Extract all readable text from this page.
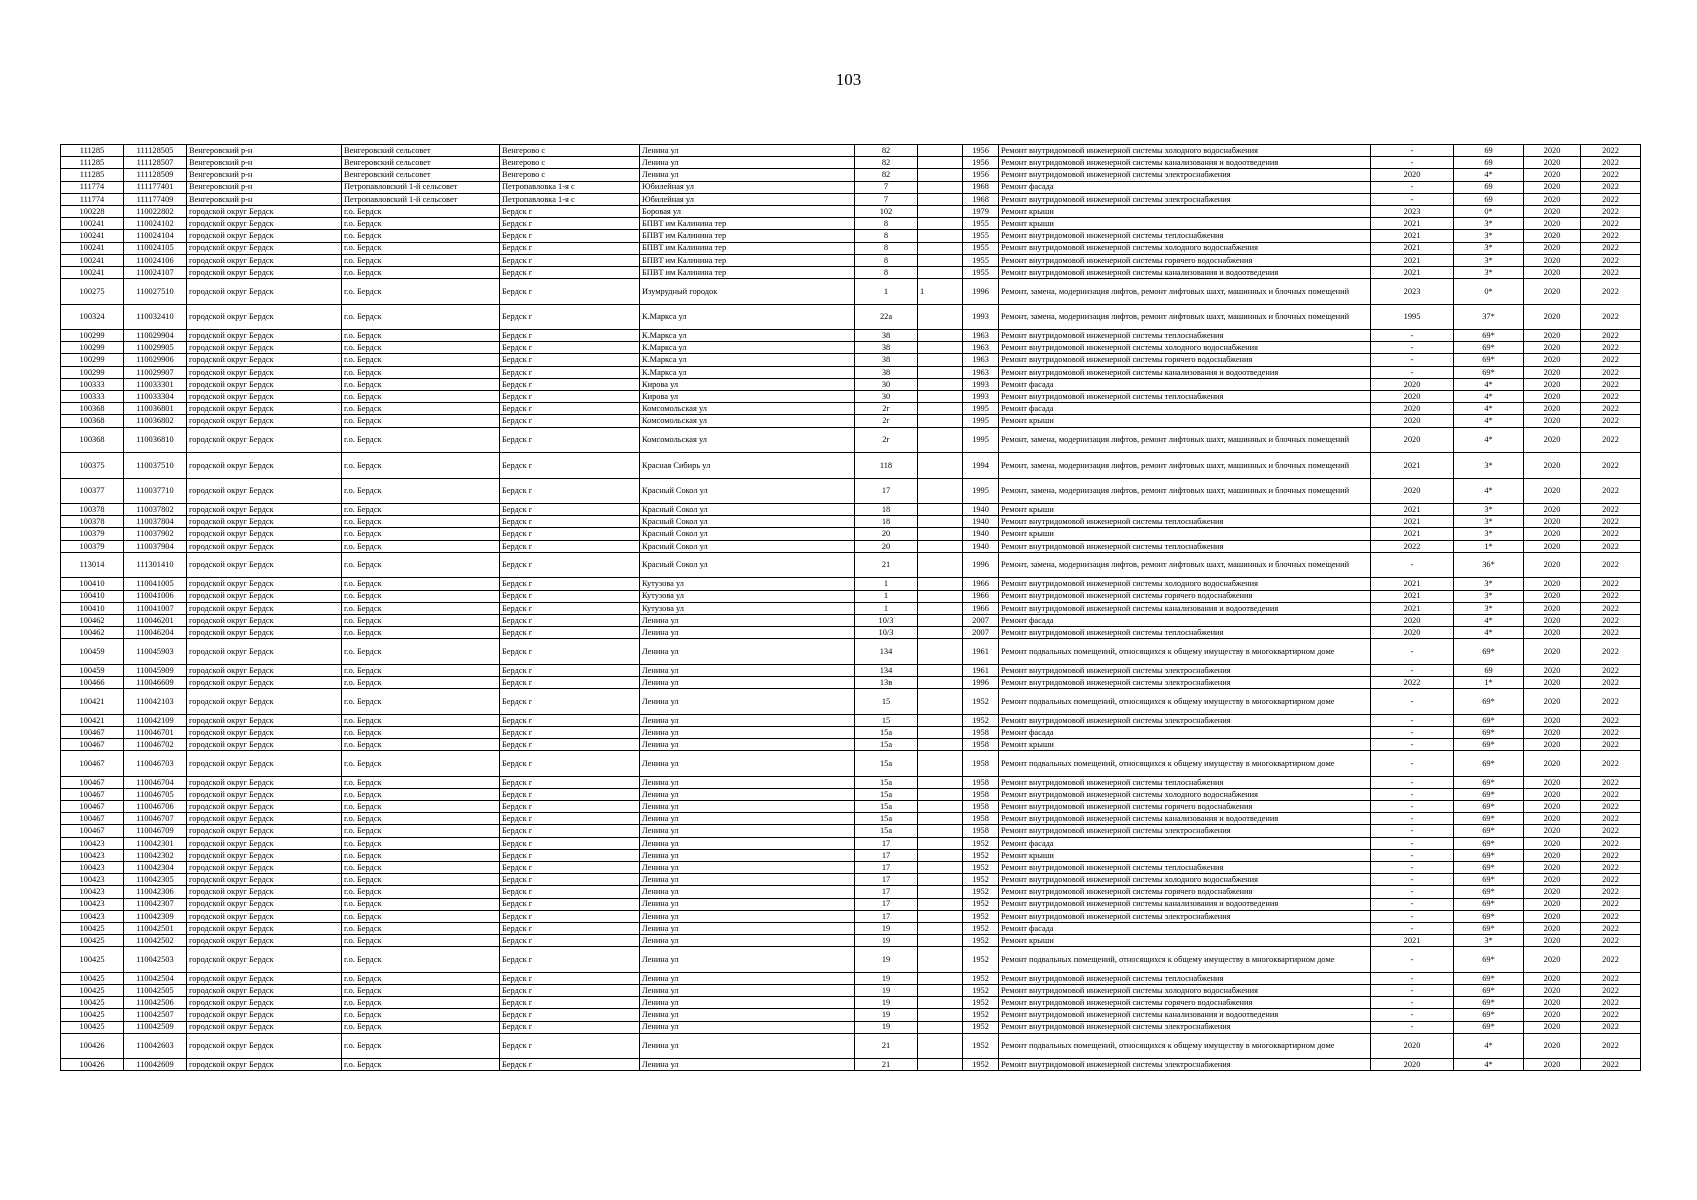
103
111285	111128505	Венгеровский р-н	Венгеровский сельсовет	Венгерово с	Ленина ул	82		1956	Ремонт внутридомовой инженерной системы холодного водоснабжения	-	69	2020	2022
111285	111128507	Венгеровский р-н	Венгеровский сельсовет	Венгерово с	Ленина ул	82		1956	Ремонт внутридомовой инженерной системы канализования и водоотведения	-	69	2020	2022
111285	111128509	Венгеровский р-н	Венгеровский сельсовет	Венгерово с	Ленина ул	82		1956	Ремонт внутридомовой инженерной системы электроснабжения	2020	4*	2020	2022
111774	111177401	Венгеровский р-н	Петропавловский 1-й сельсовет	Петропавловка 1-я с	Юбилейная ул	7		1968	Ремонт фасада	-	69	2020	2022
111774	111177409	Венгеровский р-н	Петропавловский 1-й сельсовет	Петропавловка 1-я с	Юбилейная ул	7		1968	Ремонт внутридомовой инженерной системы электроснабжения	-	69	2020	2022
100228	110022802	городской округ Бердск	г.о. Бердск	Бердск г	Боровая ул	102		1979	Ремонт крыши	2023	0*	2020	2022
100241	110024102	городской округ Бердск	г.о. Бердск	Бердск г	БПВТ им Калинина тер	8		1955	Ремонт крыши	2021	3*	2020	2022
100241	110024104	городской округ Бердск	г.о. Бердск	Бердск г	БПВТ им Калинина тер	8		1955	Ремонт внутридомовой инженерной системы теплоснабжения	2021	3*	2020	2022
100241	110024105	городской округ Бердск	г.о. Бердск	Бердск г	БПВТ им Калинина тер	8		1955	Ремонт внутридомовой инженерной системы холодного водоснабжения	2021	3*	2020	2022
100241	110024106	городской округ Бердск	г.о. Бердск	Бердск г	БПВТ им Калинина тер	8		1955	Ремонт внутридомовой инженерной системы горячего водоснабжения	2021	3*	2020	2022
100241	110024107	городской округ Бердск	г.о. Бердск	Бердск г	БПВТ им Калинина тер	8		1955	Ремонт внутридомовой инженерной системы канализования и водоотведения	2021	3*	2020	2022
100275	110027510	городской округ Бердск	г.о. Бердск	Бердск г	Изумрудный городок	1	1	1996	Ремонт, замена, модернизация лифтов, ремонт лифтовых шахт, машинных и блочных помещений	2023	0*	2020	2022
100324	110032410	городской округ Бердск	г.о. Бердск	Бердск г	К.Маркса ул	22а		1993	Ремонт, замена, модернизация лифтов, ремонт лифтовых шахт, машинных и блочных помещений	1995	37*	2020	2022
100299	110029904	городской округ Бердск	г.о. Бердск	Бердск г	К.Маркса ул	38		1963	Ремонт внутридомовой инженерной системы теплоснабжения	-	69*	2020	2022
100299	110029905	городской округ Бердск	г.о. Бердск	Бердск г	К.Маркса ул	38		1963	Ремонт внутридомовой инженерной системы холодного водоснабжения	-	69*	2020	2022
100299	110029906	городской округ Бердск	г.о. Бердск	Бердск г	К.Маркса ул	38		1963	Ремонт внутридомовой инженерной системы горячего водоснабжения	-	69*	2020	2022
100299	110029907	городской округ Бердск	г.о. Бердск	Бердск г	К.Маркса ул	38		1963	Ремонт внутридомовой инженерной системы канализования и водоотведения	-	69*	2020	2022
100333	110033301	городской округ Бердск	г.о. Бердск	Бердск г	Кирова ул	30		1993	Ремонт фасада	2020	4*	2020	2022
100333	110033304	городской округ Бердск	г.о. Бердск	Бердск г	Кирова ул	30		1993	Ремонт внутридомовой инженерной системы теплоснабжения	2020	4*	2020	2022
100368	110036801	городской округ Бердск	г.о. Бердск	Бердск г	Комсомольская ул	2г		1995	Ремонт фасада	2020	4*	2020	2022
100368	110036802	городской округ Бердск	г.о. Бердск	Бердск г	Комсомольская ул	2г		1995	Ремонт крыши	2020	4*	2020	2022
100368	110036810	городской округ Бердск	г.о. Бердск	Бердск г	Комсомольская ул	2г		1995	Ремонт, замена, модернизация лифтов, ремонт лифтовых шахт, машинных и блочных помещений	2020	4*	2020	2022
100375	110037510	городской округ Бердск	г.о. Бердск	Бердск г	Красная Сибирь ул	118		1994	Ремонт, замена, модернизация лифтов, ремонт лифтовых шахт, машинных и блочных помещений	2021	3*	2020	2022
100377	110037710	городской округ Бердск	г.о. Бердск	Бердск г	Красный Сокол ул	17		1995	Ремонт, замена, модернизация лифтов, ремонт лифтовых шахт, машинных и блочных помещений	2020	4*	2020	2022
100378	110037802	городской округ Бердск	г.о. Бердск	Бердск г	Красный Сокол ул	18		1940	Ремонт крыши	2021	3*	2020	2022
100378	110037804	городской округ Бердск	г.о. Бердск	Бердск г	Красный Сокол ул	18		1940	Ремонт внутридомовой инженерной системы теплоснабжения	2021	3*	2020	2022
100379	110037902	городской округ Бердск	г.о. Бердск	Бердск г	Красный Сокол ул	20		1940	Ремонт крыши	2021	3*	2020	2022
100379	110037904	городской округ Бердск	г.о. Бердск	Бердск г	Красный Сокол ул	20		1940	Ремонт внутридомовой инженерной системы теплоснабжения	2022	1*	2020	2022
113014	111301410	городской округ Бердск	г.о. Бердск	Бердск г	Красный Сокол ул	21		1996	Ремонт, замена, модернизация лифтов, ремонт лифтовых шахт, машинных и блочных помещений	-	36*	2020	2022
100410	110041005	городской округ Бердск	г.о. Бердск	Бердск г	Кутузова ул	1		1966	Ремонт внутридомовой инженерной системы холодного водоснабжения	2021	3*	2020	2022
100410	110041006	городской округ Бердск	г.о. Бердск	Бердск г	Кутузова ул	1		1966	Ремонт внутридомовой инженерной системы горячего водоснабжения	2021	3*	2020	2022
100410	110041007	городской округ Бердск	г.о. Бердск	Бердск г	Кутузова ул	1		1966	Ремонт внутридомовой инженерной системы канализования и водоотведения	2021	3*	2020	2022
100462	110046201	городской округ Бердск	г.о. Бердск	Бердск г	Ленина ул	10/3		2007	Ремонт фасада	2020	4*	2020	2022
100462	110046204	городской округ Бердск	г.о. Бердск	Бердск г	Ленина ул	10/3		2007	Ремонт внутридомовой инженерной системы теплоснабжения	2020	4*	2020	2022
100459	110045903	городской округ Бердск	г.о. Бердск	Бердск г	Ленина ул	134		1961	Ремонт подвальных помещений, относящихся к общему имуществу в многоквартирном доме	-	69*	2020	2022
100459	110045909	городской округ Бердск	г.о. Бердск	Бердск г	Ленина ул	134		1961	Ремонт внутридомовой инженерной системы электроснабжения	-	69	2020	2022
100466	110046609	городской округ Бердск	г.о. Бердск	Бердск г	Ленина ул	13в		1996	Ремонт внутридомовой инженерной системы электроснабжения	2022	1*	2020	2022
100421	110042103	городской округ Бердск	г.о. Бердск	Бердск г	Ленина ул	15		1952	Ремонт подвальных помещений, относящихся к общему имуществу в многоквартирном доме	-	69*	2020	2022
100421	110042109	городской округ Бердск	г.о. Бердск	Бердск г	Ленина ул	15		1952	Ремонт внутридомовой инженерной системы электроснабжения	-	69*	2020	2022
100467	110046701	городской округ Бердск	г.о. Бердск	Бердск г	Ленина ул	15а		1958	Ремонт фасада	-	69*	2020	2022
100467	110046702	городской округ Бердск	г.о. Бердск	Бердск г	Ленина ул	15а		1958	Ремонт крыши	-	69*	2020	2022
100467	110046703	городской округ Бердск	г.о. Бердск	Бердск г	Ленина ул	15а		1958	Ремонт подвальных помещений, относящихся к общему имуществу в многоквартирном доме	-	69*	2020	2022
100467	110046704	городской округ Бердск	г.о. Бердск	Бердск г	Ленина ул	15а		1958	Ремонт внутридомовой инженерной системы теплоснабжения	-	69*	2020	2022
100467	110046705	городской округ Бердск	г.о. Бердск	Бердск г	Ленина ул	15а		1958	Ремонт внутридомовой инженерной системы холодного водоснабжения	-	69*	2020	2022
100467	110046706	городской округ Бердск	г.о. Бердск	Бердск г	Ленина ул	15а		1958	Ремонт внутридомовой инженерной системы горячего водоснабжения	-	69*	2020	2022
100467	110046707	городской округ Бердск	г.о. Бердск	Бердск г	Ленина ул	15а		1958	Ремонт внутридомовой инженерной системы канализования и водоотведения	-	69*	2020	2022
100467	110046709	городской округ Бердск	г.о. Бердск	Бердск г	Ленина ул	15а		1958	Ремонт внутридомовой инженерной системы электроснабжения	-	69*	2020	2022
100423	110042301	городской округ Бердск	г.о. Бердск	Бердск г	Ленина ул	17		1952	Ремонт фасада	-	69*	2020	2022
100423	110042302	городской округ Бердск	г.о. Бердск	Бердск г	Ленина ул	17		1952	Ремонт крыши	-	69*	2020	2022
100423	110042304	городской округ Бердск	г.о. Бердск	Бердск г	Ленина ул	17		1952	Ремонт внутридомовой инженерной системы теплоснабжения	-	69*	2020	2022
100423	110042305	городской округ Бердск	г.о. Бердск	Бердск г	Ленина ул	17		1952	Ремонт внутридомовой инженерной системы холодного водоснабжения	-	69*	2020	2022
100423	110042306	городской округ Бердск	г.о. Бердск	Бердск г	Ленина ул	17		1952	Ремонт внутридомовой инженерной системы горячего водоснабжения	-	69*	2020	2022
100423	110042307	городской округ Бердск	г.о. Бердск	Бердск г	Ленина ул	17		1952	Ремонт внутридомовой инженерной системы канализования и водоотведения	-	69*	2020	2022
100423	110042309	городской округ Бердск	г.о. Бердск	Бердск г	Ленина ул	17		1952	Ремонт внутридомовой инженерной системы электроснабжения	-	69*	2020	2022
100425	110042501	городской округ Бердск	г.о. Бердск	Бердск г	Ленина ул	19		1952	Ремонт фасада	-	69*	2020	2022
100425	110042502	городской округ Бердск	г.о. Бердск	Бердск г	Ленина ул	19		1952	Ремонт крыши	2021	3*	2020	2022
100425	110042503	городской округ Бердск	г.о. Бердск	Бердск г	Ленина ул	19		1952	Ремонт подвальных помещений, относящихся к общему имуществу в многоквартирном доме	-	69*	2020	2022
100425	110042504	городской округ Бердск	г.о. Бердск	Бердск г	Ленина ул	19		1952	Ремонт внутридомовой инженерной системы теплоснабжения	-	69*	2020	2022
100425	110042505	городской округ Бердск	г.о. Бердск	Бердск г	Ленина ул	19		1952	Ремонт внутридомовой инженерной системы холодного водоснабжения	-	69*	2020	2022
100425	110042506	городской округ Бердск	г.о. Бердск	Бердск г	Ленина ул	19		1952	Ремонт внутридомовой инженерной системы горячего водоснабжения	-	69*	2020	2022
100425	110042507	городской округ Бердск	г.о. Бердск	Бердск г	Ленина ул	19		1952	Ремонт внутридомовой инженерной системы канализования и водоотведения	-	69*	2020	2022
100425	110042509	городской округ Бердск	г.о. Бердск	Бердск г	Ленина ул	19		1952	Ремонт внутридомовой инженерной системы электроснабжения	-	69*	2020	2022
100426	110042603	городской округ Бердск	г.о. Бердск	Бердск г	Ленина ул	21		1952	Ремонт подвальных помещений, относящихся к общему имуществу в многоквартирном доме	2020	4*	2020	2022
100426	110042609	городской округ Бердск	г.о. Бердск	Бердск г	Ленина ул	21		1952	Ремонт внутридомовой инженерной системы электроснабжения	2020	4*	2020	2022
